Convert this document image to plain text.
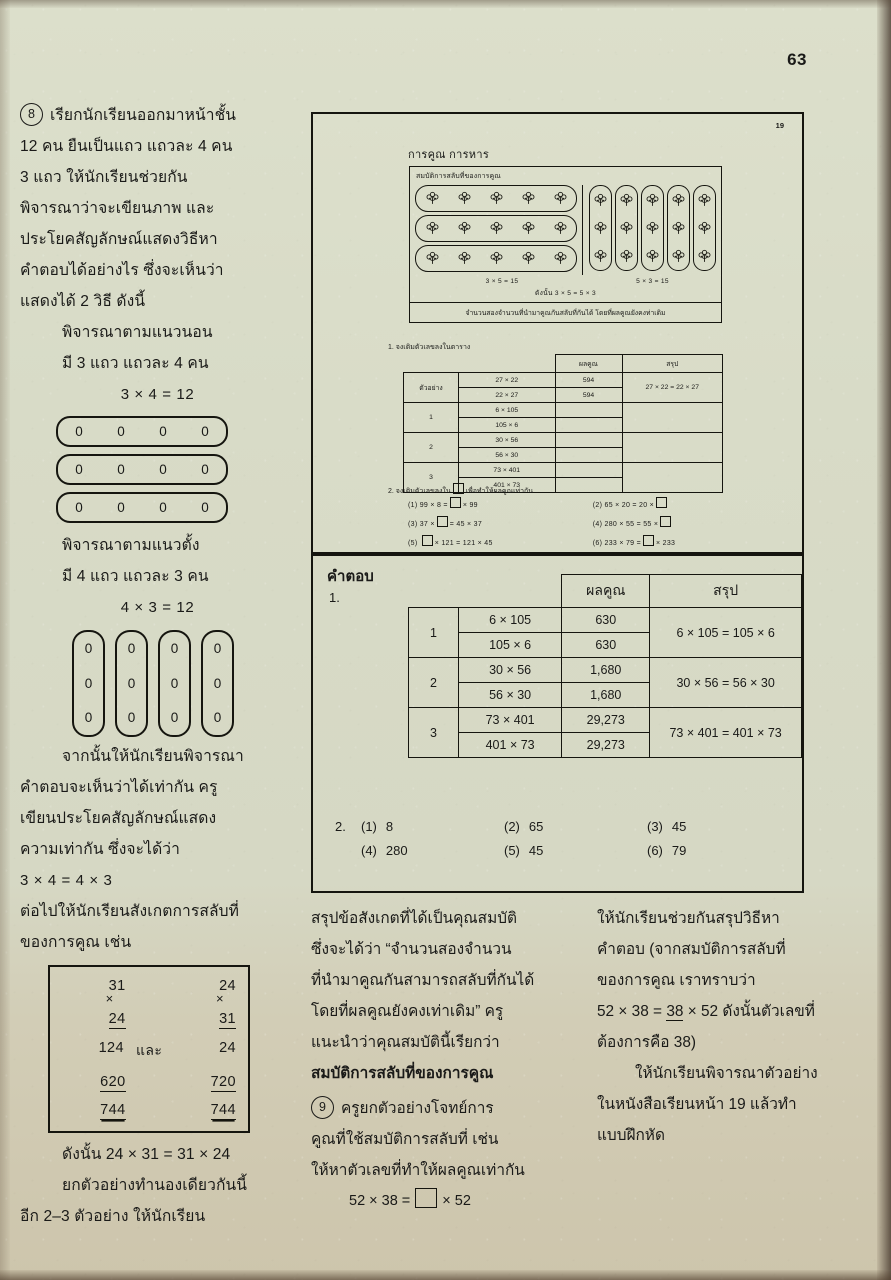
63
8 เรียกนักเรียนออกมาหน้าชั้น
12 คน ยืนเป็นแถว แถวละ 4 คน
3 แถว ให้นักเรียนช่วยกัน
พิจารณาว่าจะเขียนภาพ และ
ประโยคสัญลักษณ์แสดงวิธีหา
คำตอบได้อย่างไร ซึ่งจะเห็นว่า
แสดงได้ 2 วิธี ดังนี้
พิจารณาตามแนวนอน
มี 3 แถว แถวละ 4 คน
3 × 4 = 12
0	0	0	0
0	0	0	0
0	0	0	0
พิจารณาตามแนวตั้ง
มี 4 แถว แถวละ 3 คน
4 × 3 = 12
0
0
0
0
0
0
0
0
0
0
0
0
จากนั้นให้นักเรียนพิจารณา
คำตอบจะเห็นว่าได้เท่ากัน ครู
เขียนประโยคสัญลักษณ์แสดง
ความเท่ากัน ซึ่งจะได้ว่า
3 × 4 = 4 × 3
ต่อไปให้นักเรียนสังเกตการสลับที่
ของการคูณ เช่น
31
	24
×
	×
24
	31
124 และ	24
620
	720
744
	744
ดังนั้น 24 × 31 = 31 × 24
ยกตัวอย่างทำนองเดียวกันนี้
อีก 2–3 ตัวอย่าง ให้นักเรียน
19
การคูณ การหาร
สมบัติการสลับที่ของการคูณ
3 × 5 = 15	5 × 3 = 15
ดังนั้น 3 × 5 = 5 × 3
จำนวนสองจำนวนที่นำมาคูณกันสลับที่กันได้ โดยที่ผลคูณยังคงท่าเดิม
1. จงเติมตัวเลขลงในตาราง
		ผลคูณ	สรุป
ตัวอย่าง	27 × 22	594	27 × 22 = 22 × 27
	22 × 27	594	
1	6 × 105		
	105 × 6		
2	30 × 56		
	56 × 30		
3	73 × 401		
	401 × 73		
2. จงเติมตัวเลขลงใน เพื่อทำให้ผลคูณเท่ากัน
(1) 99 × 8 = × 99	(2) 65 × 20 = 20 ×
(3) 37 × = 45 × 37	(4) 280 × 55 = 55 ×
(5) × 121 = 121 × 45	(6) 233 × 79 = × 233
คำตอบ
1.
			ผลคูณ	สรุป
1	6 × 105	630	6 × 105 = 105 × 6
	105 × 6	630	
2	30 × 56	1,680	30 × 56 = 56 × 30
	56 × 30	1,680	
3	73 × 401	29,273	73 × 401 = 401 × 73
	401 × 73	29,273	
2.	(1) 8	(2) 65	(3) 45
(4) 280	(5) 45	(6) 79
สรุปข้อสังเกตที่ได้เป็นคุณสมบัติ
ซึ่งจะได้ว่า “จำนวนสองจำนวน
ที่นำมาคูณกันสามารถสลับที่กันได้
โดยที่ผลคูณยังคงเท่าเดิม” ครู
แนะนำว่าคุณสมบัตินี้เรียกว่า
สมบัติการสลับที่ของการคูณ
9 ครูยกตัวอย่างโจทย์การ
คูณที่ใช้สมบัติการสลับที่ เช่น
ให้หาตัวเลขที่ทำให้ผลคูณเท่ากัน
52 × 38 = × 52
ให้นักเรียนช่วยกันสรุปวิธีหา
คำตอบ (จากสมบัติการสลับที่
ของการคูณ เราทราบว่า
52 × 38 = 38 × 52 ดังนั้นตัวเลขที่
ต้องการคือ 38)
ให้นักเรียนพิจารณาตัวอย่าง
ในหนังสือเรียนหน้า 19 แล้วทำ
แบบฝึกหัด
